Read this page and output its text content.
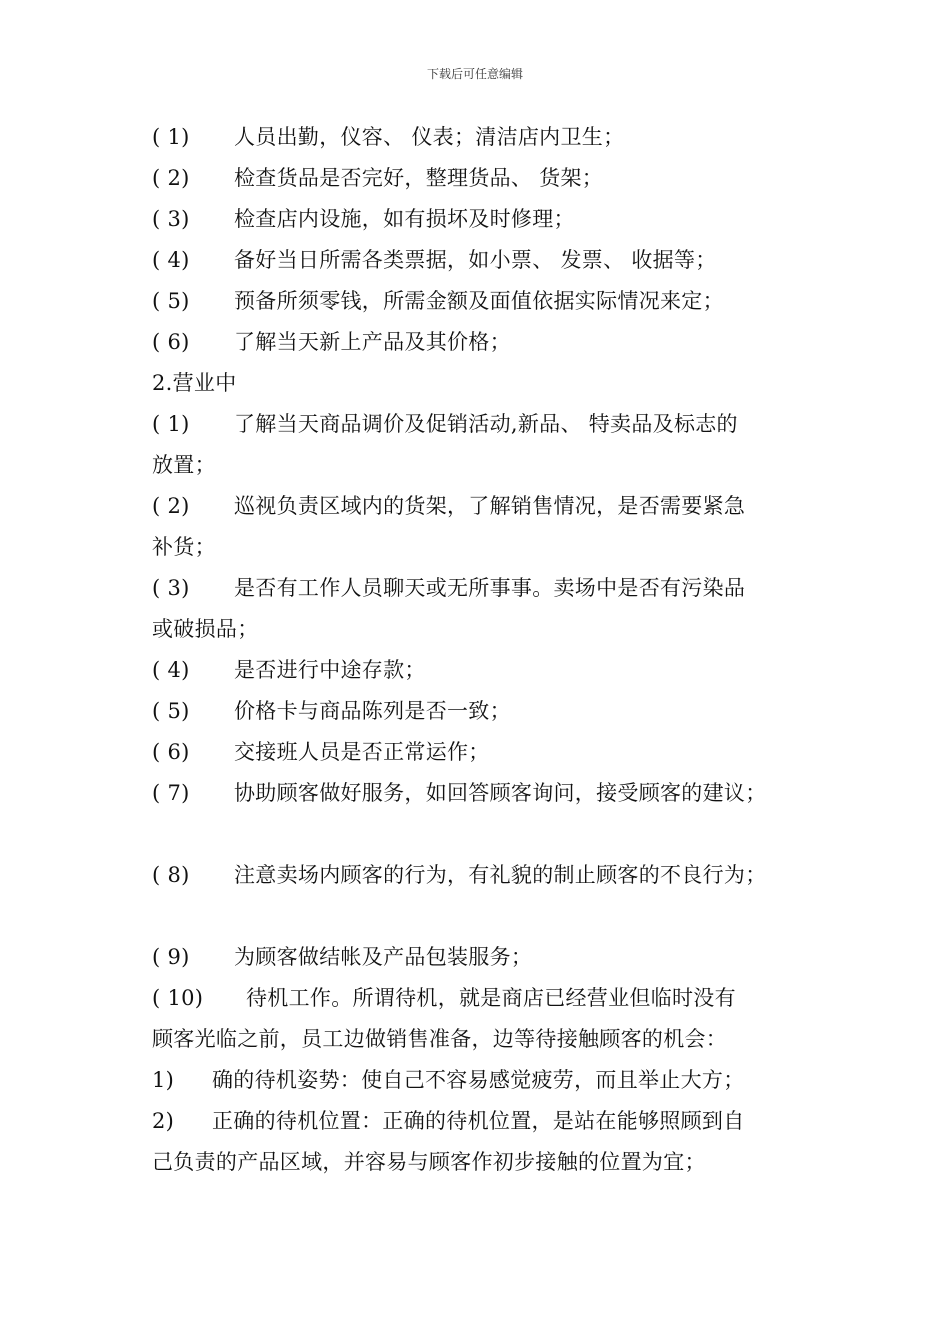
下载后可任意编辑
( 1) 人员出勤，仪容、 仪表；清洁店内卫生；
( 2) 检查货品是否完好，整理货品、 货架；
( 3) 检查店内设施，如有损坏及时修理；
( 4) 备好当日所需各类票据，如小票、 发票、 收据等；
( 5) 预备所须零钱，所需金额及面值依据实际情况来定；
( 6) 了解当天新上产品及其价格；
2.营业中
( 1) 了解当天商品调价及促销活动,新品、 特卖品及标志的
放置；
( 2) 巡视负责区域内的货架，了解销售情况，是否需要紧急
补货；
( 3) 是否有工作人员聊天或无所事事。卖场中是否有污染品
或破损品；
( 4) 是否进行中途存款；
( 5) 价格卡与商品陈列是否一致；
( 6) 交接班人员是否正常运作；
( 7) 协助顾客做好服务，如回答顾客询问，接受顾客的建议；
( 8) 注意卖场内顾客的行为，有礼貌的制止顾客的不良行为；
( 9) 为顾客做结帐及产品包装服务；
( 10) 待机工作。所谓待机，就是商店已经营业但临时没有
顾客光临之前，员工边做销售准备，边等待接触顾客的机会：
1) 确的待机姿势：使自己不容易感觉疲劳，而且举止大方；
2) 正确的待机位置：正确的待机位置，是站在能够照顾到自
己负责的产品区域，并容易与顾客作初步接触的位置为宜；
